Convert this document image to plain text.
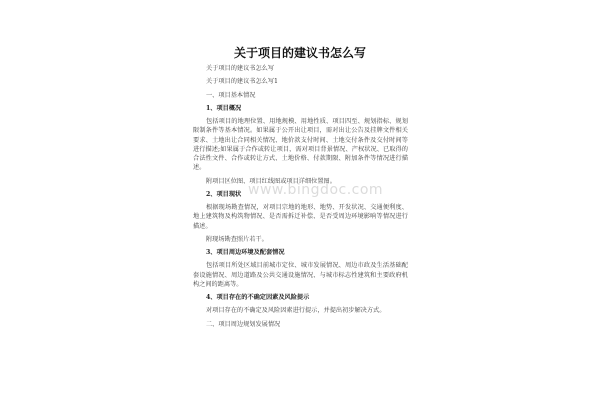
关于项目的建议书怎么写

关于项目的建议书怎么写

关于项目的建议书怎么写1

一、项目基本情况

1、项目概况

包括项目的地理位置、用地规模、用地性质、项目四至、规划指标、规划限制条件等基本情况。如果属于公开出让项目，需对出让公告及挂牌文件相关要求、土地出让合同相关情况、地价款支付时间、土地交付条件及交付时间等进行描述;如果属于合作或转让项目，需对项目背景情况、产权状况、已取得的合法性文件、合作或转让方式、土地价格、付款期限、附加条件等情况进行描述。

附项目区位图、项目红线图或项目详细位置图。

2、项目现状

根据现场勘查情况，对项目宗地的地形、地势、开发状况、交通便利度、地上建筑物及构筑物情况、是否需拆迁补偿、是否受周边环境影响等情况进行描述。

附现场勘查照片若干。

3、项目周边环境及配套情况

包括项目所处区域目前城市定位、城市发展情况、周边市政及生活基础配套设施情况、周边道路及公共交通设施情况、与城市标志性建筑和主要政府机构之间的距离等。

4、项目存在的不确定因素及风险提示

对项目存在的不确定及风险因素进行提示，并提出初步解决方式。

二、项目周边规划发展情况

www.bingdoc.com
